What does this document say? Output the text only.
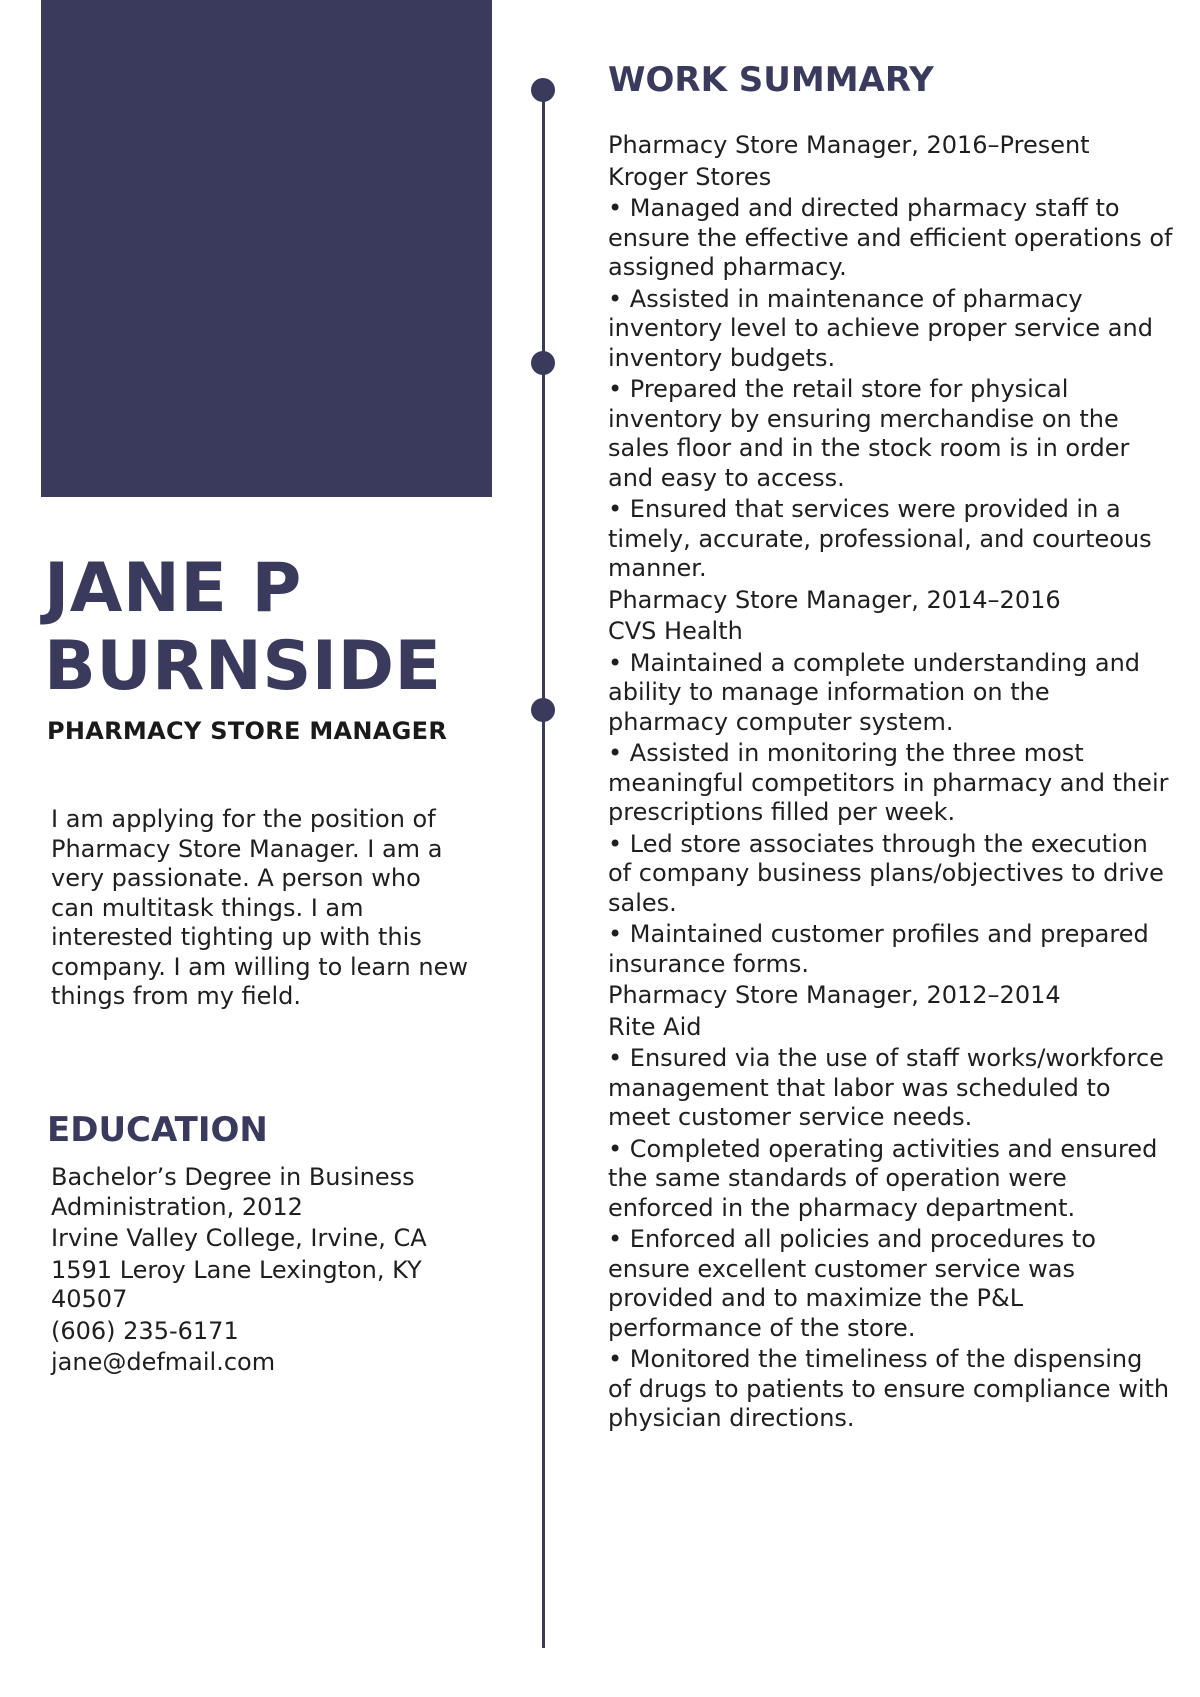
JANE P BURNSIDE
PHARMACY STORE MANAGER

I am applying for the position of Pharmacy Store Manager. I am a very passionate. A person who can multitask things. I am interested tighting up with this company. I am willing to learn new things from my field.

EDUCATION
Bachelor’s Degree in Business Administration, 2012
Irvine Valley College, Irvine, CA
1591 Leroy Lane Lexington, KY 40507
(606) 235-6171
jane@defmail.com
WORK SUMMARY
Pharmacy Store Manager, 2016–Present
Kroger Stores
• Managed and directed pharmacy staff to ensure the effective and efficient operations of assigned pharmacy.
• Assisted in maintenance of pharmacy inventory level to achieve proper service and inventory budgets.
• Prepared the retail store for physical inventory by ensuring merchandise on the sales floor and in the stock room is in order and easy to access.
• Ensured that services were provided in a timely, accurate, professional, and courteous manner.
Pharmacy Store Manager, 2014–2016
CVS Health
• Maintained a complete understanding and ability to manage information on the pharmacy computer system.
• Assisted in monitoring the three most meaningful competitors in pharmacy and their prescriptions filled per week.
• Led store associates through the execution of company business plans/objectives to drive sales.
• Maintained customer profiles and prepared insurance forms.
Pharmacy Store Manager, 2012–2014
Rite Aid
• Ensured via the use of staff works/workforce management that labor was scheduled to meet customer service needs.
• Completed operating activities and ensured the same standards of operation were enforced in the pharmacy department.
• Enforced all policies and procedures to ensure excellent customer service was provided and to maximize the P&L performance of the store.
• Monitored the timeliness of the dispensing of drugs to patients to ensure compliance with physician directions.
